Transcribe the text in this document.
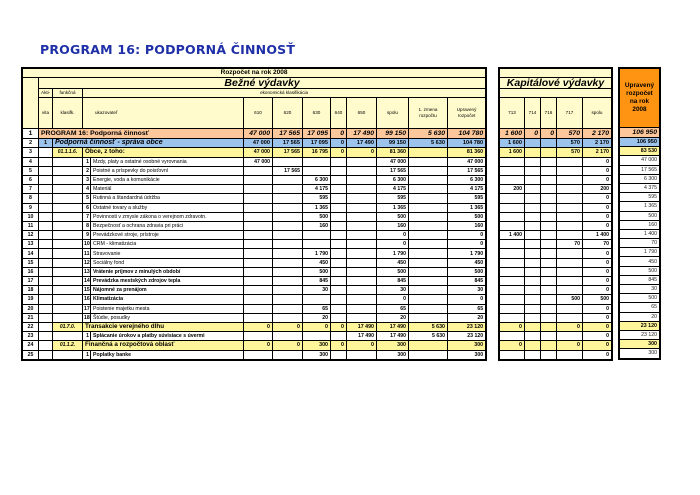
PROGRAM 16: PODPORNÁ ČINNOSŤ
Rozpočet na rok 2008												
	Bežné výdavky											
	Akti-	funkčná	ekonomická klasifikácia									
	vita	klasifk.	ukazovateľ		610	620	630	640	650	spolu	1. zmena
rozpočtu	Upravený
rozpočet
1	PROGRAM 16: Podporná činnosť				47 000	17 565	17 095	0	17 490	99 150	5 630	104 780
2	1	Podporná činnosť - správa obce			47 000	17 565	17 095	0	17 490	99 150	5 630	104 780
3		01.1.1.6.	Obce, z toho:		47 000	17 565	16 795	0	0	81 360		81 360
4			1	Mzdy, platy a ostatné osobné vyrovnania	47 000					47 000		47 000
5			2	Poistné a príspevky do poisťovní		17 565				17 565		17 565
6			3	Energie, voda a komunikácie			6 300			6 300		6 300
7			4	Materiál			4 175			4 175		4 175
8			5	Rutinná a štandardná údržba			595			595		595
9			6	Ostatné tovary a služby			1 365			1 365		1 365
10			7	Povinnosti v zmysle zákona o verejnom zdravotn.			500			500		500
11			8	Bezpečnosť a ochrana zdravia pri práci			160			160		160
12			9	Prevádzkové stroje, prístroje						0		0
13			10	CRM - klimatizácia						0		0
14			11	Stravovanie			1 790			1 790		1 790
15			12	Sociálny fond			450			450		450
16			13	Vrátenie príjmov z minulých období			500			500		500
17			14	Prevádzka mestských zdrojov tepla			845			845		845
18			15	Nájomné za prenájom			30			30		30
19			16	Klimatizácia						0		0
20			17	Poistenie majetku mesta			65			65		65
21			18	Štúdie, posudky			20			20		20
22		01.7.0.	Transakcie verejného dlhu		0	0	0	0	17 490	17 490	5 630	23 120
23			1	Splácanie úrokov a platby súvisiace s úvermi					17 490	17 490	5 630	23 120
24		01.1.2.	Finančná a rozpočtová oblasť		0	0	300	0	0	300		300
25			1	Poplatky banke			300			300		300

Kapitálové výdavky				

713	714	716	717	spolu
1 600	0	0	570	2 170
1 600			570	2 170
1 600			570	2 170
				0
				0
				0
200				200
				0
				0
				0
				0
1 400				1 400
			70	70
				0
				0
				0
				0
				0
			500	500
				0
				0
0			0	0
				0
0			0	0
				0
Upravený rozpočet na rok 2008
106 950
106 950
83 530
47 000
17 565
6 300
4 375
595
1 365
500
160
1 400
70
1 790
450
500
845
30
500
65
20
23 120
23 120
300
300
